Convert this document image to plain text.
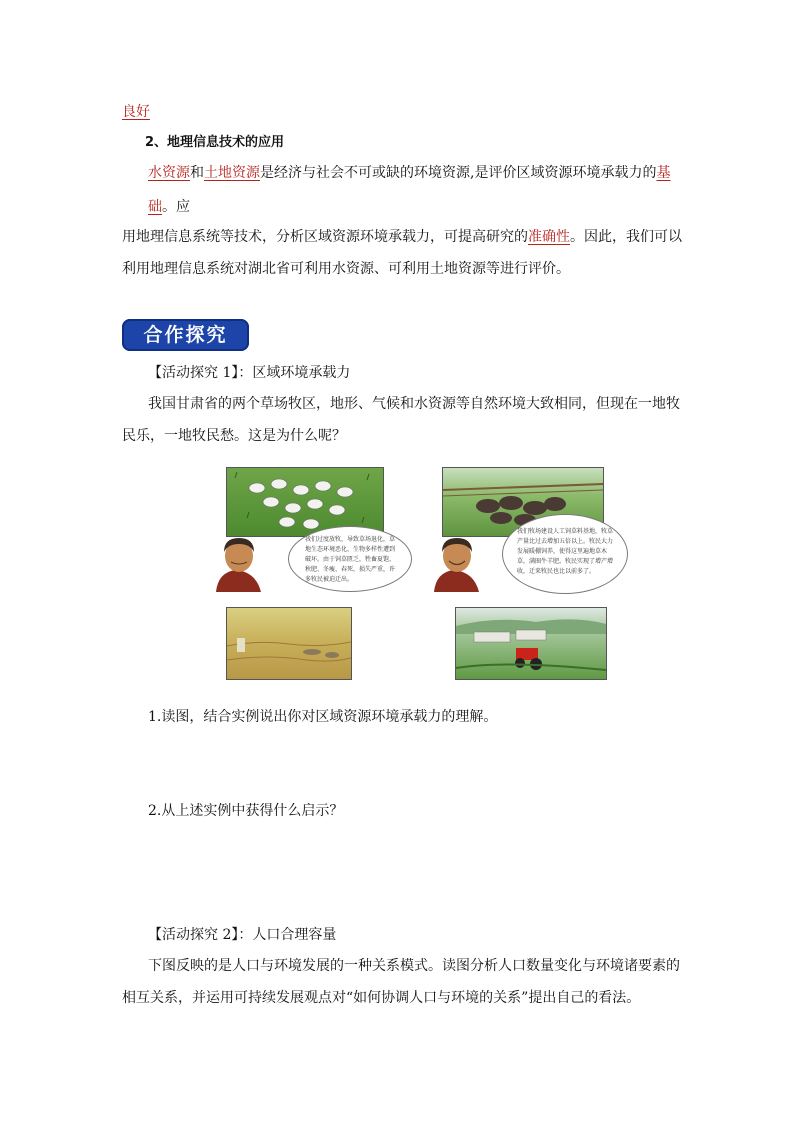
良好
2、地理信息技术的应用
水资源和土地资源是经济与社会不可或缺的环境资源,是评价区域资源环境承载力的基
础。应
用地理信息系统等技术，分析区域资源环境承载力，可提高研究的准确性。因此，我们可以
利用地理信息系统对湖北省可利用水资源、可利用土地资源等进行评价。
合作探究
【活动探究 1】：区域环境承载力
我国甘肃省的两个草场牧区，地形、气候和水资源等自然环境大致相同，但现在一地牧
民乐，一地牧民愁。这是为什么呢？
我们过度放牧，导致草场退化，草地生态环境恶化，生物多样性遭到破坏。由于饲草匮乏，牲畜夏饱、秋肥、冬瘦、春死，损失严重，许多牧民被迫迁出。
我们牧场建设人工饲草料基地，牧草产量比过去增加五倍以上。牧民大力发展暖棚饲养，使得这里遍地草木草，满圈牛羊肥。牧民实现了增产增收，迁来牧民也比以前多了。
1.读图，结合实例说出你对区域资源环境承载力的理解。
2.从上述实例中获得什么启示？
【活动探究 2】：人口合理容量
下图反映的是人口与环境发展的一种关系模式。读图分析人口数量变化与环境诸要素的
相互关系，并运用可持续发展观点对“如何协调人口与环境的关系”提出自己的看法。
